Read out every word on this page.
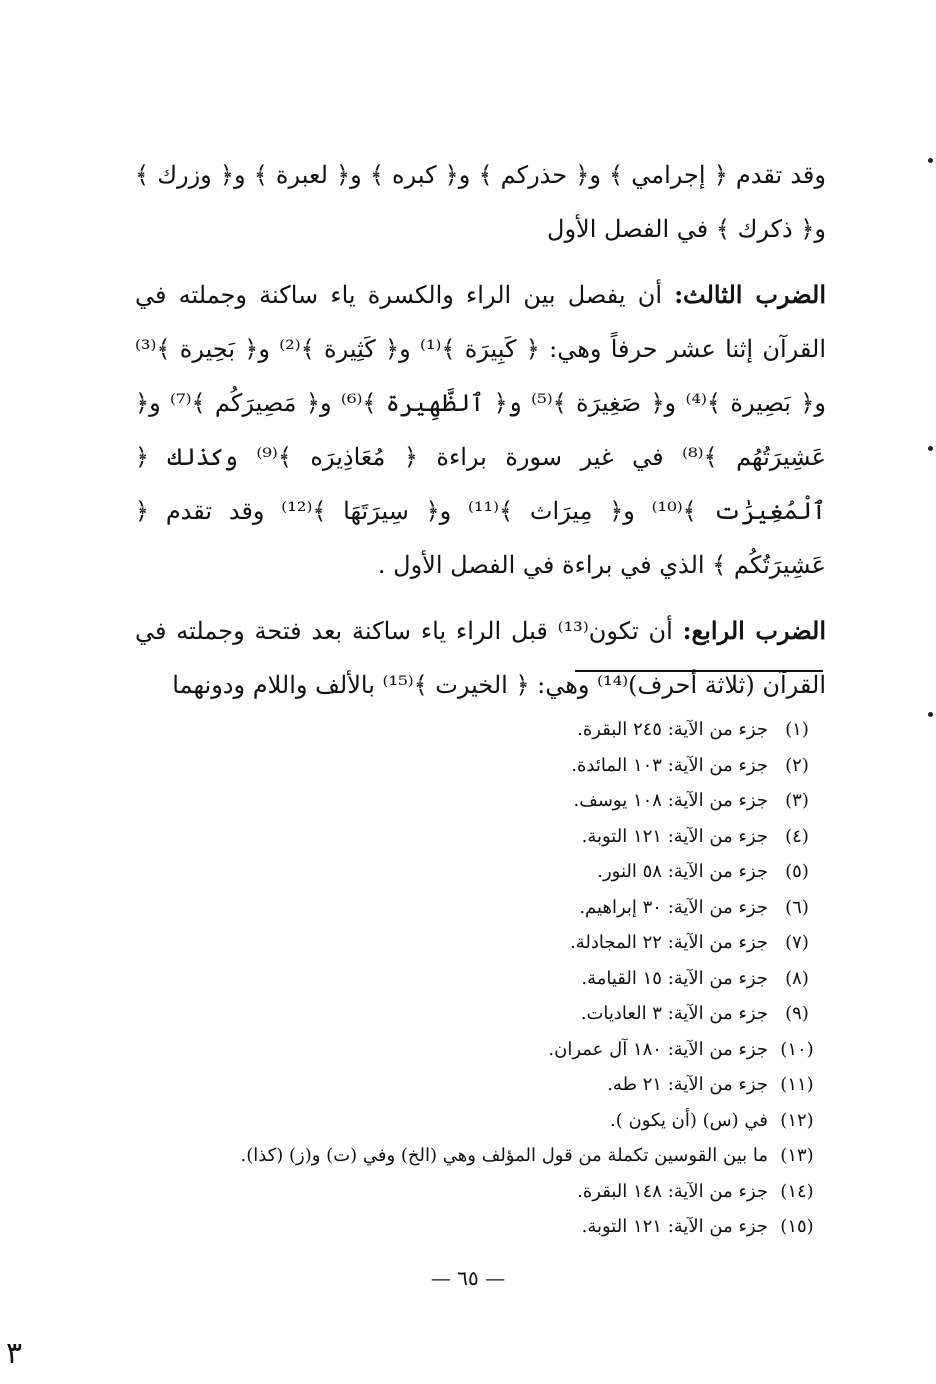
وقد تقدم ﴿ إجرامي ﴾ و﴿ حذركم ﴾ و﴿ كبره ﴾ و﴿ لعبرة ﴾ و﴿ وزرك ﴾ و﴿ ذكرك ﴾ في الفصل الأول

الضرب الثالث: أن يفصل بين الراء والكسرة ياء ساكنة وجملته في القرآن إثنا عشر حرفاً وهي: ﴿ كَبِيرَة ﴾⁽¹⁾ و﴿ كَثِيرة ﴾⁽²⁾ و﴿ بَحِيرة ﴾⁽³⁾ و﴿ بَصِيرة ﴾⁽⁴⁾ و﴿ صَغِيرَة ﴾⁽⁵⁾ و﴿ ٱلظَّهِيرة ﴾⁽⁶⁾ و﴿ مَصِيرَكُم ﴾⁽⁷⁾ و﴿ عَشِيرَتُهُم ﴾⁽⁸⁾ في غير سورة براءة ﴿ مُعَاذِيرَه ﴾⁽⁹⁾ وكذلك ﴿ ٱلْمُغِيرَٰت ﴾⁽¹⁰⁾ و﴿ مِيرَاث ﴾⁽¹¹⁾ و﴿ سِيرَتَهَا ﴾⁽¹²⁾ وقد تقدم ﴿ عَشِيرَتُكُم ﴾ الذي في براءة في الفصل الأول .

الضرب الرابع: أن تكون⁽¹³⁾ قبل الراء ياء ساكنة بعد فتحة وجملته في القرآن (ثلاثة أحرف)⁽¹⁴⁾ وهي: ﴿ الخيرت ﴾⁽¹⁵⁾ بالألف واللام ودونهما

(١)
جزء من الآية: ٢٤٥ البقرة.
(٢)
جزء من الآية: ١٠٣ المائدة.
(٣)
جزء من الآية: ١٠٨ يوسف.
(٤)
جزء من الآية: ١٢١ التوبة.
(٥)
جزء من الآية: ٥٨ النور.
(٦)
جزء من الآية: ٣٠ إبراهيم.
(٧)
جزء من الآية: ٢٢ المجادلة.
(٨)
جزء من الآية: ١٥ القيامة.
(٩)
جزء من الآية: ٣ العاديات.
(١٠)
جزء من الآية: ١٨٠ آل عمران.
(١١)
جزء من الآية: ٢١ طه.
(١٢)
في (س) (أن يكون ).
(١٣)
ما بين القوسين تكملة من قول المؤلف وهي (الخ) وفي (ت) و(ز) (كذا).
(١٤)
جزء من الآية: ١٤٨ البقرة.
(١٥)
جزء من الآية: ١٢١ التوبة.
— ٦٥ —
٣
